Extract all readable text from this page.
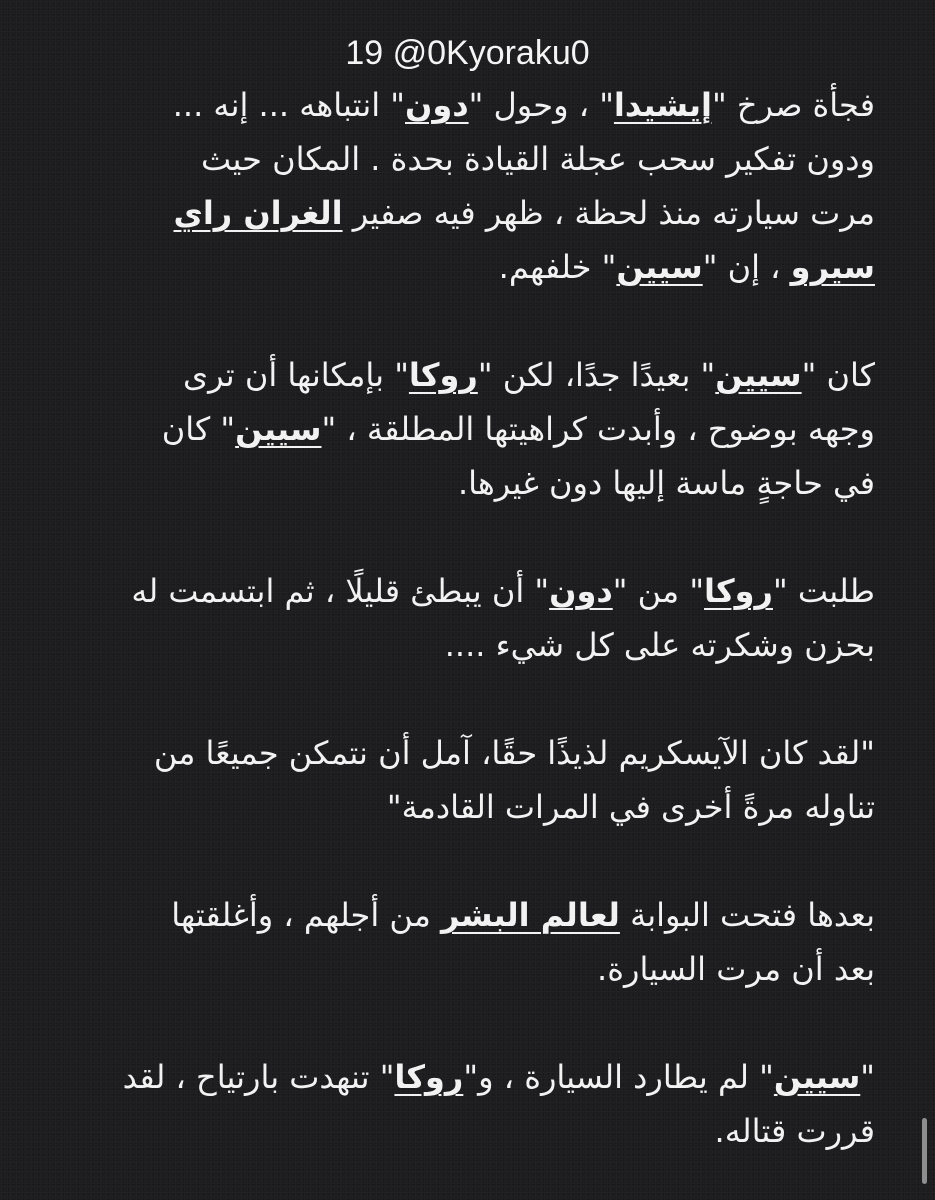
19 @0Kyoraku0
فجأة صرخ "إيشيدا" ، وحول "دون" انتباهه ... إنه ...
ودون تفكير سحب عجلة القيادة بحدة . المكان حيث
مرت سيارته منذ لحظة ، ظهر فيه صفير الغران راي
سيرو ، إن "سيين" خلفهم.
كان "سيين" بعيدًا جدًا، لكن "روكا" بإمكانها أن ترى
وجهه بوضوح ، وأبدت كراهيتها المطلقة ، "سيين" كان
في حاجةٍ ماسة إليها دون غيرها.
طلبت "روكا" من "دون" أن يبطئ قليلًا ، ثم ابتسمت له
بحزن وشكرته على كل شيء ....
"لقد كان الآيسكريم لذيذًا حقًا، آمل أن نتمكن جميعًا من
تناوله مرةً أخرى في المرات القادمة"
بعدها فتحت البوابة لعالم البشر من أجلهم ، وأغلقتها
بعد أن مرت السيارة.
"سيين" لم يطارد السيارة ، و"روكا" تنهدت بارتياح ، لقد
قررت قتاله.
